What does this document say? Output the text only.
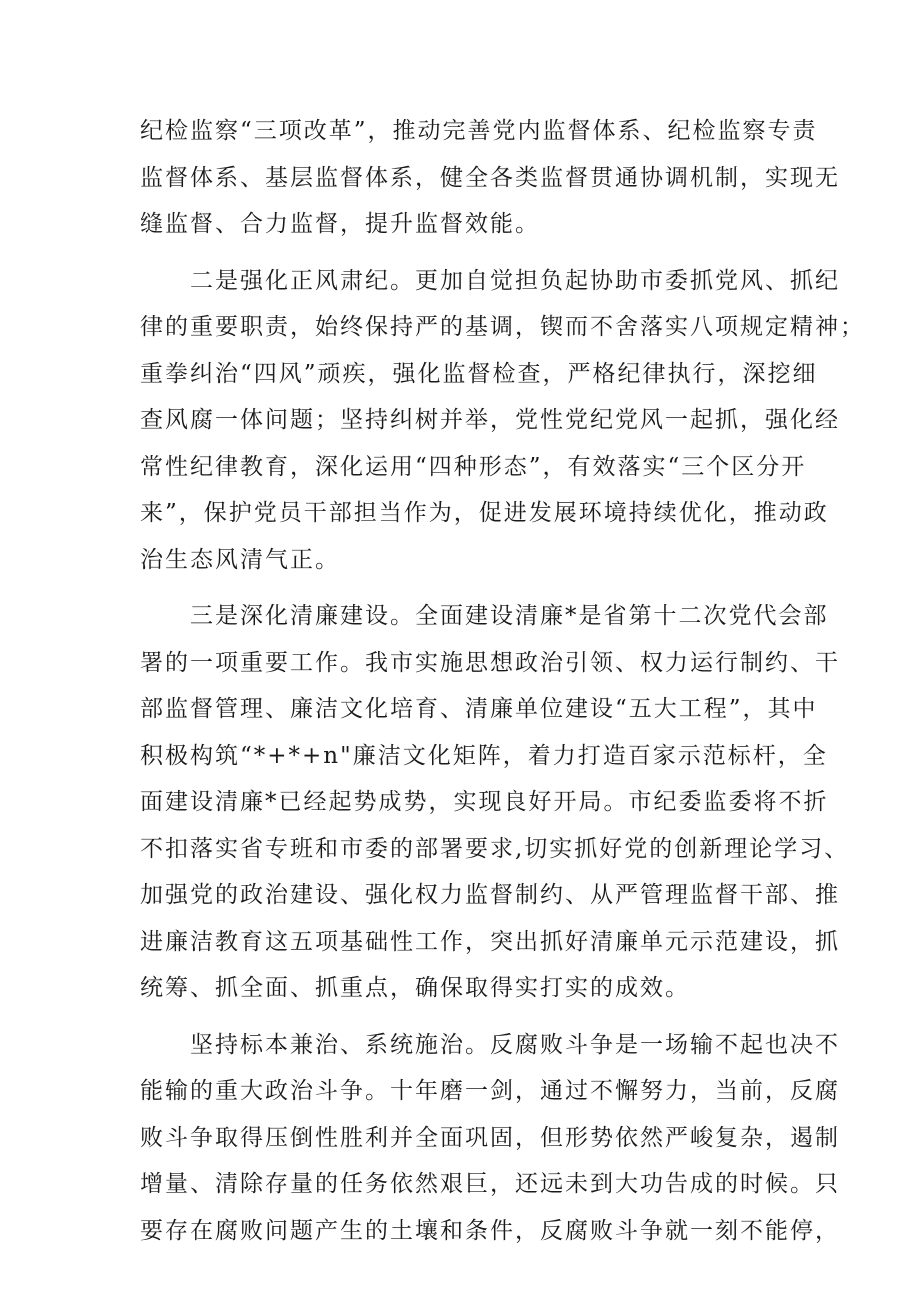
纪检监察“三项改革”，推动完善党内监督体系、纪检监察专责
监督体系、基层监督体系，健全各类监督贯通协调机制，实现无
缝监督、合力监督，提升监督效能。
二是强化正风肃纪。更加自觉担负起协助市委抓党风、抓纪
律的重要职责，始终保持严的基调，锲而不舍落实八项规定精神；
重拳纠治“四风”顽疾，强化监督检查，严格纪律执行，深挖细
查风腐一体问题；坚持纠树并举，党性党纪党风一起抓，强化经
常性纪律教育，深化运用“四种形态”，有效落实“三个区分开
来”，保护党员干部担当作为，促进发展环境持续优化，推动政
治生态风清气正。
三是深化清廉建设。全面建设清廉*是省第十二次党代会部
署的一项重要工作。我市实施思想政治引领、权力运行制约、干
部监督管理、廉洁文化培育、清廉单位建设“五大工程”，其中
积极构筑“*+*+n"廉洁文化矩阵，着力打造百家示范标杆，全
面建设清廉*已经起势成势，实现良好开局。市纪委监委将不折
不扣落实省专班和市委的部署要求,切实抓好党的创新理论学习、
加强党的政治建设、强化权力监督制约、从严管理监督干部、推
进廉洁教育这五项基础性工作，突出抓好清廉单元示范建设，抓
统筹、抓全面、抓重点，确保取得实打实的成效。
坚持标本兼治、系统施治。反腐败斗争是一场输不起也决不
能输的重大政治斗争。十年磨一剑，通过不懈努力，当前，反腐
败斗争取得压倒性胜利并全面巩固，但形势依然严峻复杂，遏制
增量、清除存量的任务依然艰巨，还远未到大功告成的时候。只
要存在腐败问题产生的土壤和条件，反腐败斗争就一刻不能停，
